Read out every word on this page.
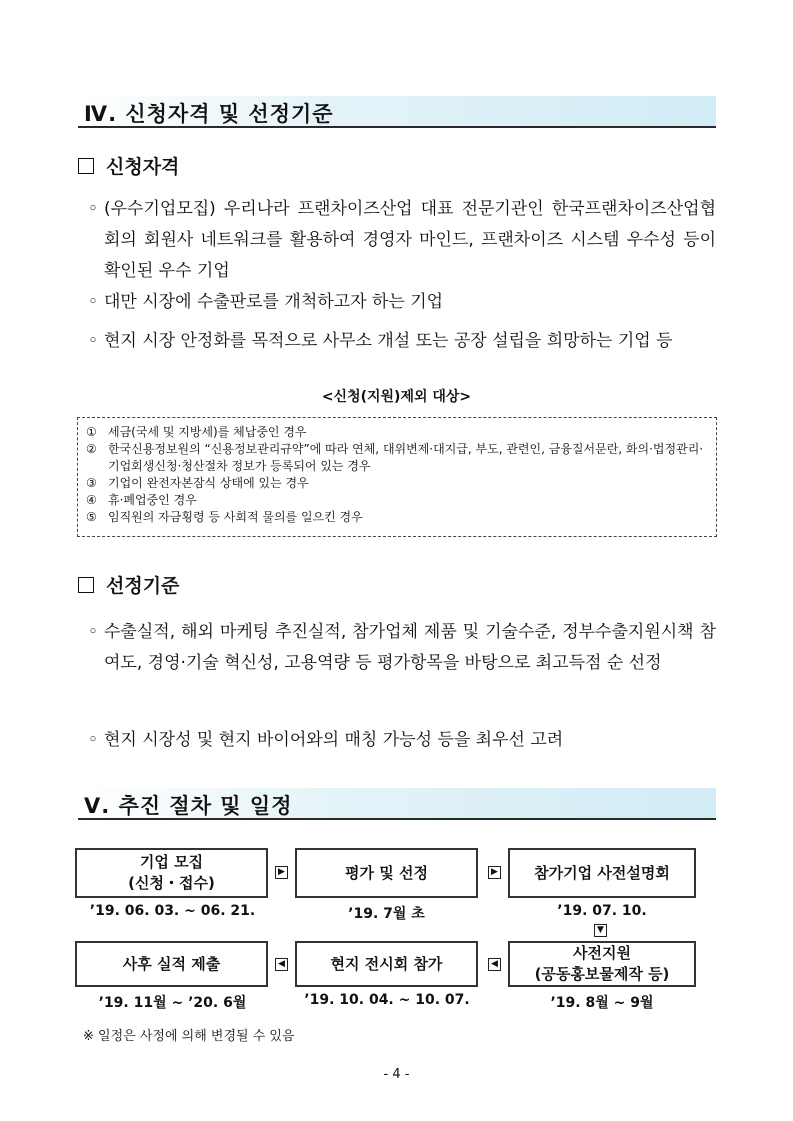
Ⅳ. 신청자격 및 선정기준
신청자격
◦ (우수기업모집) 우리나라 프랜차이즈산업 대표 전문기관인 한국프랜차이즈산업협회의 회원사 네트워크를 활용하여 경영자 마인드, 프랜차이즈 시스템 우수성 등이 확인된 우수 기업
◦ 대만 시장에 수출판로를 개척하고자 하는 기업
◦ 현지 시장 안정화를 목적으로 사무소 개설 또는 공장 설립을 희망하는 기업 등
<신청(지원)제외 대상>
① 세금(국세 및 지방세)를 체납중인 경우
② 한국신용정보원의 “신용정보관리규약”에 따라 연체, 대위변제·대지급, 부도, 관련인, 금융질서문란, 화의·법정관리·기업회생신청·청산절차 정보가 등록되어 있는 경우
③ 기업이 완전자본잠식 상태에 있는 경우
④ 휴·폐업중인 경우
⑤ 임직원의 자금횡령 등 사회적 물의를 일으킨 경우
선정기준
◦ 수출실적, 해외 마케팅 추진실적, 참가업체 제품 및 기술수준, 정부수출지원시책 참여도, 경영·기술 혁신성, 고용역량 등 평가항목을 바탕으로 최고득점 순 선정
◦ 현지 시장성 및 현지 바이어와의 매칭 가능성 등을 최우선 고려
Ⅴ. 추진 절차 및 일정
기업 모집
(신청・접수)
▶	평가 및 선정	▶ 참가기업 사전설명회
’19. 06. 03. ~ 06. 21.	’19. 7월 초	’19. 07. 10.
▼
사후 실적 제출	◀	현지 전시회 참가	◀
사전지원
(공동홍보물제작 등)
’19. 11월 ~ ’20. 6월	’19. 10. 04. ~ 10. 07.	’19. 8월 ~ 9월
※ 일정은 사정에 의해 변경될 수 있음
- 4 -
